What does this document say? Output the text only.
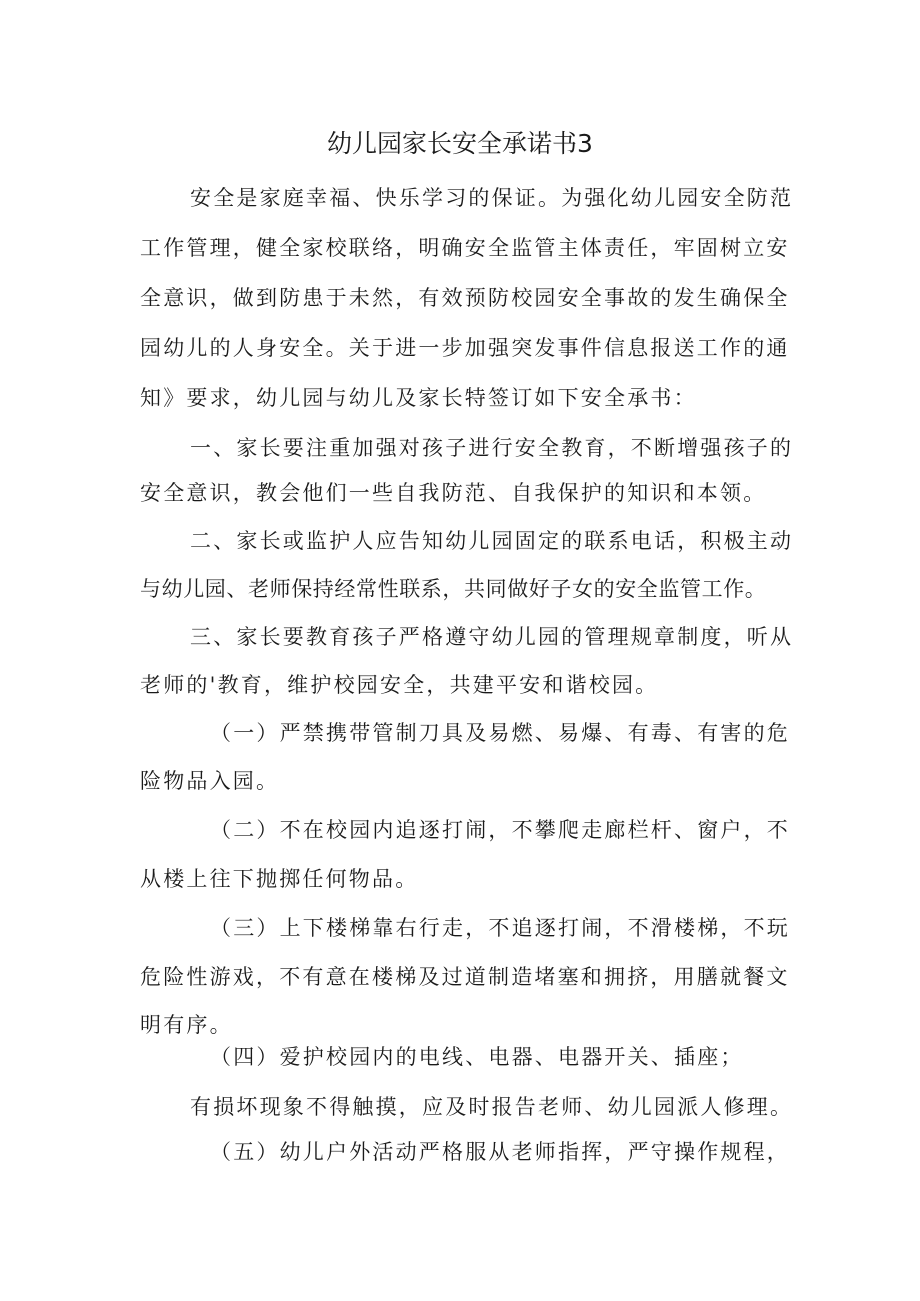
幼儿园家长安全承诺书3
安全是家庭幸福、快乐学习的保证。为强化幼儿园安全防范
工作管理，健全家校联络，明确安全监管主体责任，牢固树立安
全意识，做到防患于未然，有效预防校园安全事故的发生确保全
园幼儿的人身安全。关于进一步加强突发事件信息报送工作的通
知》要求，幼儿园与幼儿及家长特签订如下安全承书：
一、家长要注重加强对孩子进行安全教育，不断增强孩子的
安全意识，教会他们一些自我防范、自我保护的知识和本领。
二、家长或监护人应告知幼儿园固定的联系电话，积极主动
与幼儿园、老师保持经常性联系，共同做好子女的安全监管工作。
三、家长要教育孩子严格遵守幼儿园的管理规章制度，听从
老师的'教育，维护校园安全，共建平安和谐校园。
（一）严禁携带管制刀具及易燃、易爆、有毒、有害的危
险物品入园。
（二）不在校园内追逐打闹，不攀爬走廊栏杆、窗户，不
从楼上往下抛掷任何物品。
（三）上下楼梯靠右行走，不追逐打闹，不滑楼梯，不玩
危险性游戏，不有意在楼梯及过道制造堵塞和拥挤，用膳就餐文
明有序。
（四）爱护校园内的电线、电器、电器开关、插座；
有损坏现象不得触摸，应及时报告老师、幼儿园派人修理。
（五）幼儿户外活动严格服从老师指挥，严守操作规程，
